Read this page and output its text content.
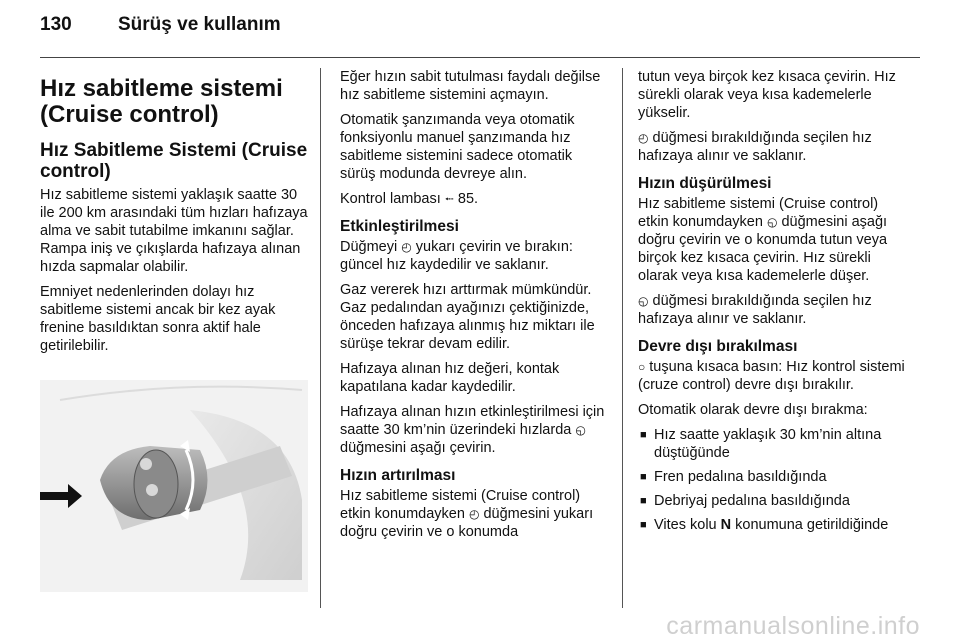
130	Sürüş ve kullanım
Hız sabitleme sistemi (Cruise control)
Hız Sabitleme Sistemi (Cruise control)

Hız sabitleme sistemi yaklaşık saatte 30 ile 200 km arasındaki tüm hızları hafızaya alma ve sabit tutabilme imkanını sağlar. Rampa iniş ve çıkışlarda hafızaya alınan hızda sapmalar olabilir.

Emniyet nedenlerinden dolayı hız sabitleme sistemi ancak bir kez ayak frenine basıldıktan sonra aktif hale getirilebilir.

Eğer hızın sabit tutulması faydalı değilse hız sabitleme sistemini açmayın.

Otomatik şanzımanda veya otomatik fonksiyonlu manuel şanzımanda hız sabitleme sistemini sadece otomatik sürüş modunda devreye alın.

Kontrol lambası ⭪ 85.

Etkinleştirilmesi

Düğmeyi ◴ yukarı çevirin ve bırakın: güncel hız kaydedilir ve saklanır.

Gaz vererek hızı arttırmak mümkündür. Gaz pedalından ayağınızı çektiğinizde, önceden hafızaya alınmış hız miktarı ile sürüşe tekrar devam edilir.

Hafızaya alınan hız değeri, kontak kapatılana kadar kaydedilir.

Hafızaya alınan hızın etkinleştirilmesi için saatte 30 km’nin üzerindeki hızlarda ◵ düğmesini aşağı çevirin.

Hızın artırılması

Hız sabitleme sistemi (Cruise control) etkin konumdayken ◴ düğmesini yukarı doğru çevirin ve o konumda

tutun veya birçok kez kısaca çevirin. Hız sürekli olarak veya kısa kademelerle yükselir.

◴ düğmesi bırakıldığında seçilen hız hafızaya alınır ve saklanır.

Hızın düşürülmesi

Hız sabitleme sistemi (Cruise control) etkin konumdayken ◵ düğmesini aşağı doğru çevirin ve o konumda tutun veya birçok kez kısaca çevirin. Hız sürekli olarak veya kısa kademelerle düşer.

◵ düğmesi bırakıldığında seçilen hız hafızaya alınır ve saklanır.

Devre dışı bırakılması

○ tuşuna kısaca basın: Hız kontrol sistemi (cruze control) devre dışı bırakılır.

Otomatik olarak devre dışı bırakma:

■ Hız saatte yaklaşık 30 km’nin altına düştüğünde
■ Fren pedalına basıldığında
■ Debriyaj pedalına basıldığında
■ Vites kolu N konumuna getirildiğinde
carmanualsonline.info
